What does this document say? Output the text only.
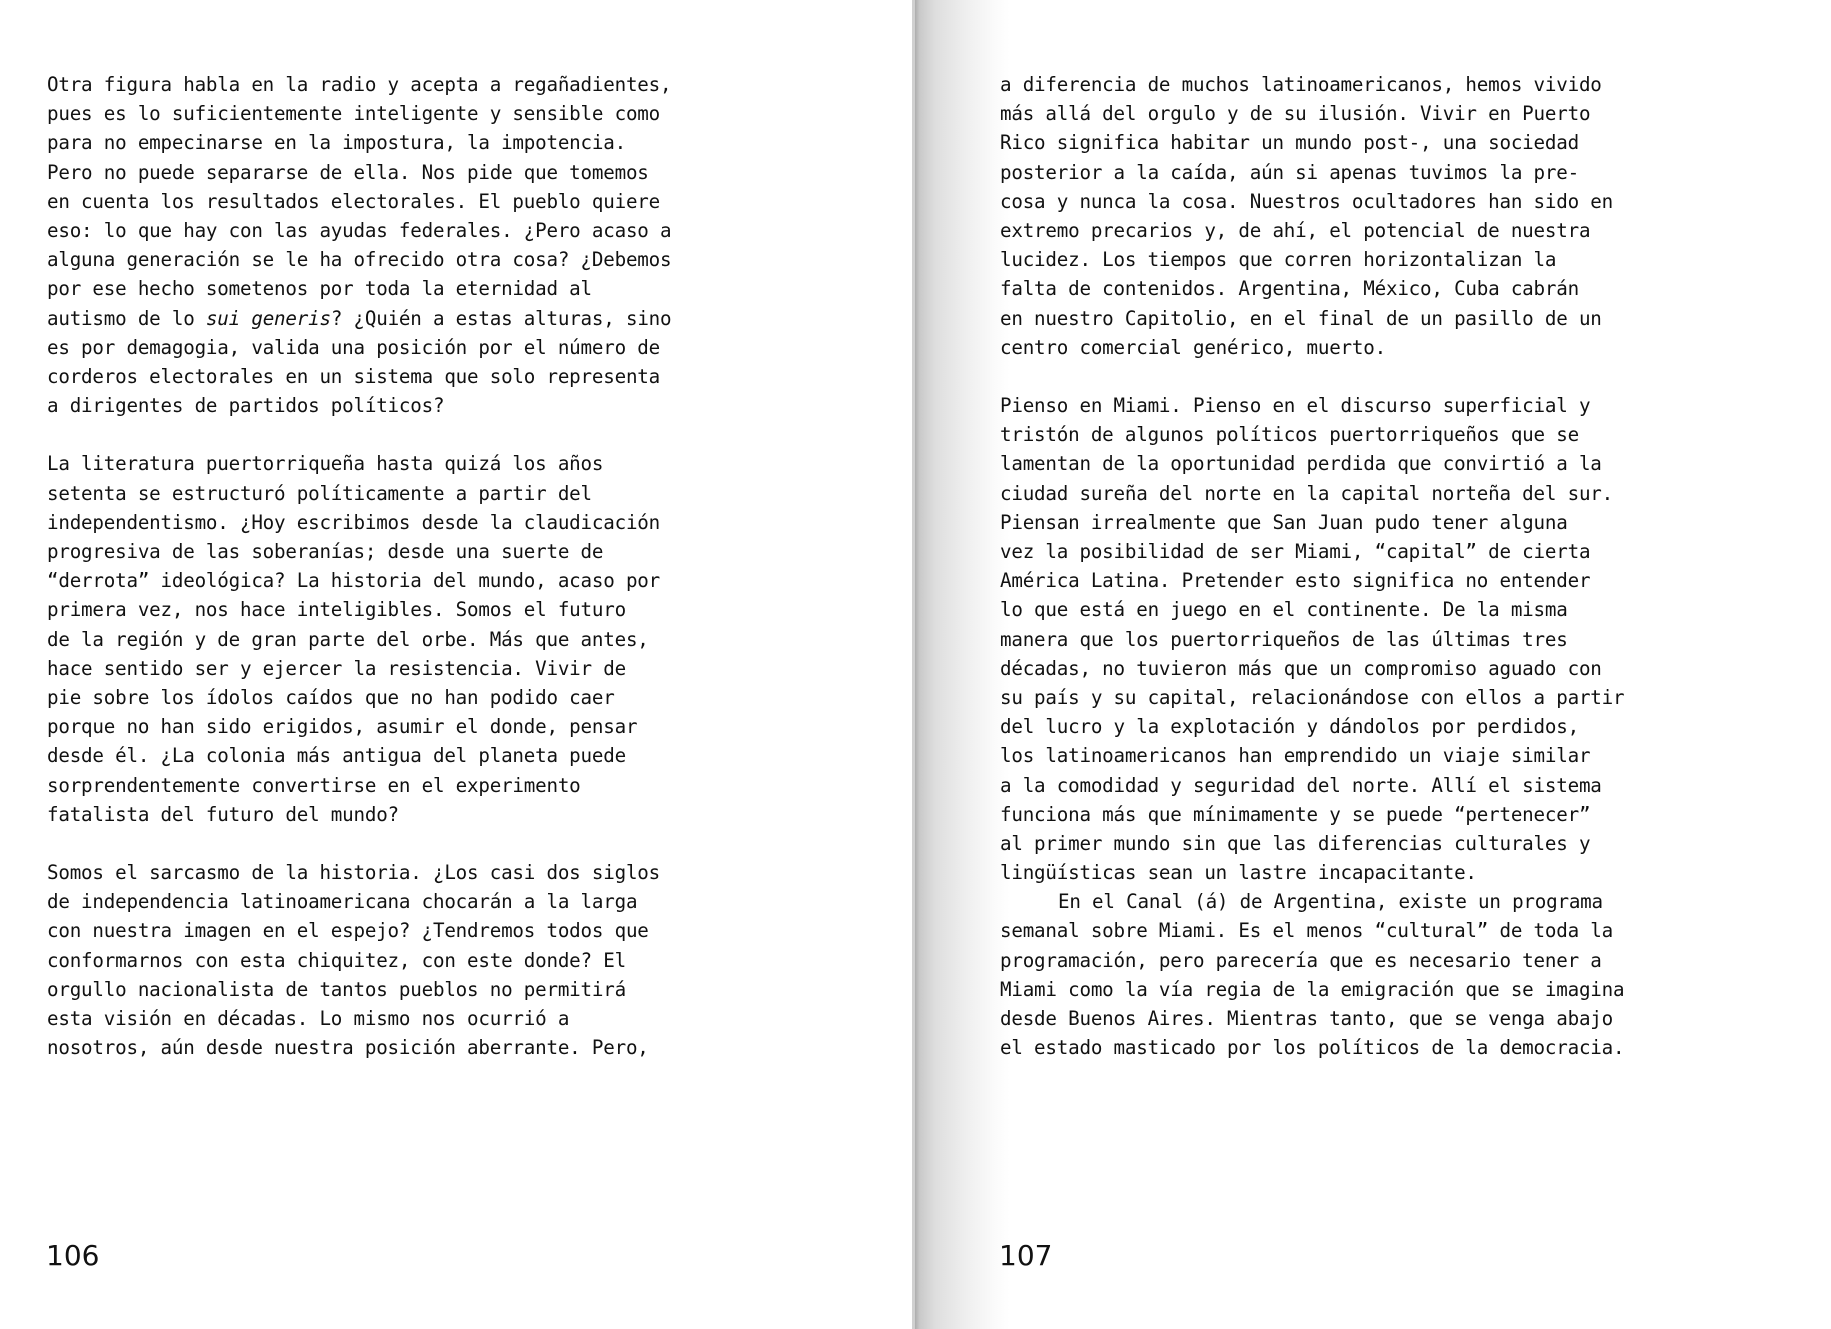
Otra figura habla en la radio y acepta a regañadientes,
pues es lo suficientemente inteligente y sensible como
para no empecinarse en la impostura, la impotencia.
Pero no puede separarse de ella. Nos pide que tomemos
en cuenta los resultados electorales. El pueblo quiere
eso: lo que hay con las ayudas federales. ¿Pero acaso a
alguna generación se le ha ofrecido otra cosa? ¿Debemos
por ese hecho sometenos por toda la eternidad al
autismo de lo sui generis? ¿Quién a estas alturas, sino
es por demagogia, valida una posición por el número de
corderos electorales en un sistema que solo representa
a dirigentes de partidos políticos?
La literatura puertorriqueña hasta quizá los años
setenta se estructuró políticamente a partir del
independentismo. ¿Hoy escribimos desde la claudicación
progresiva de las soberanías; desde una suerte de
“derrota” ideológica? La historia del mundo, acaso por
primera vez, nos hace inteligibles. Somos el futuro
de la región y de gran parte del orbe. Más que antes,
hace sentido ser y ejercer la resistencia. Vivir de
pie sobre los ídolos caídos que no han podido caer
porque no han sido erigidos, asumir el donde, pensar
desde él. ¿La colonia más antigua del planeta puede
sorprendentemente convertirse en el experimento
fatalista del futuro del mundo?
Somos el sarcasmo de la historia. ¿Los casi dos siglos
de independencia latinoamericana chocarán a la larga
con nuestra imagen en el espejo? ¿Tendremos todos que
conformarnos con esta chiquitez, con este donde? El
orgullo nacionalista de tantos pueblos no permitirá
esta visión en décadas. Lo mismo nos ocurrió a
nosotros, aún desde nuestra posición aberrante. Pero,
106
a diferencia de muchos latinoamericanos, hemos vivido
más allá del orgulo y de su ilusión. Vivir en Puerto
Rico significa habitar un mundo post-, una sociedad
posterior a la caída, aún si apenas tuvimos la pre-
cosa y nunca la cosa. Nuestros ocultadores han sido en
extremo precarios y, de ahí, el potencial de nuestra
lucidez. Los tiempos que corren horizontalizan la
falta de contenidos. Argentina, México, Cuba cabrán
en nuestro Capitolio, en el final de un pasillo de un
centro comercial genérico, muerto.
Pienso en Miami. Pienso en el discurso superficial y
tristón de algunos políticos puertorriqueños que se
lamentan de la oportunidad perdida que convirtió a la
ciudad sureña del norte en la capital norteña del sur.
Piensan irrealmente que San Juan pudo tener alguna
vez la posibilidad de ser Miami, “capital” de cierta
América Latina. Pretender esto significa no entender
lo que está en juego en el continente. De la misma
manera que los puertorriqueños de las últimas tres
décadas, no tuvieron más que un compromiso aguado con
su país y su capital, relacionándose con ellos a partir
del lucro y la explotación y dándolos por perdidos,
los latinoamericanos han emprendido un viaje similar
a la comodidad y seguridad del norte. Allí el sistema
funciona más que mínimamente y se puede “pertenecer”
al primer mundo sin que las diferencias culturales y
lingüísticas sean un lastre incapacitante.
En el Canal (á) de Argentina, existe un programa
semanal sobre Miami. Es el menos “cultural” de toda la
programación, pero parecería que es necesario tener a
Miami como la vía regia de la emigración que se imagina
desde Buenos Aires. Mientras tanto, que se venga abajo
el estado masticado por los políticos de la democracia.
107
